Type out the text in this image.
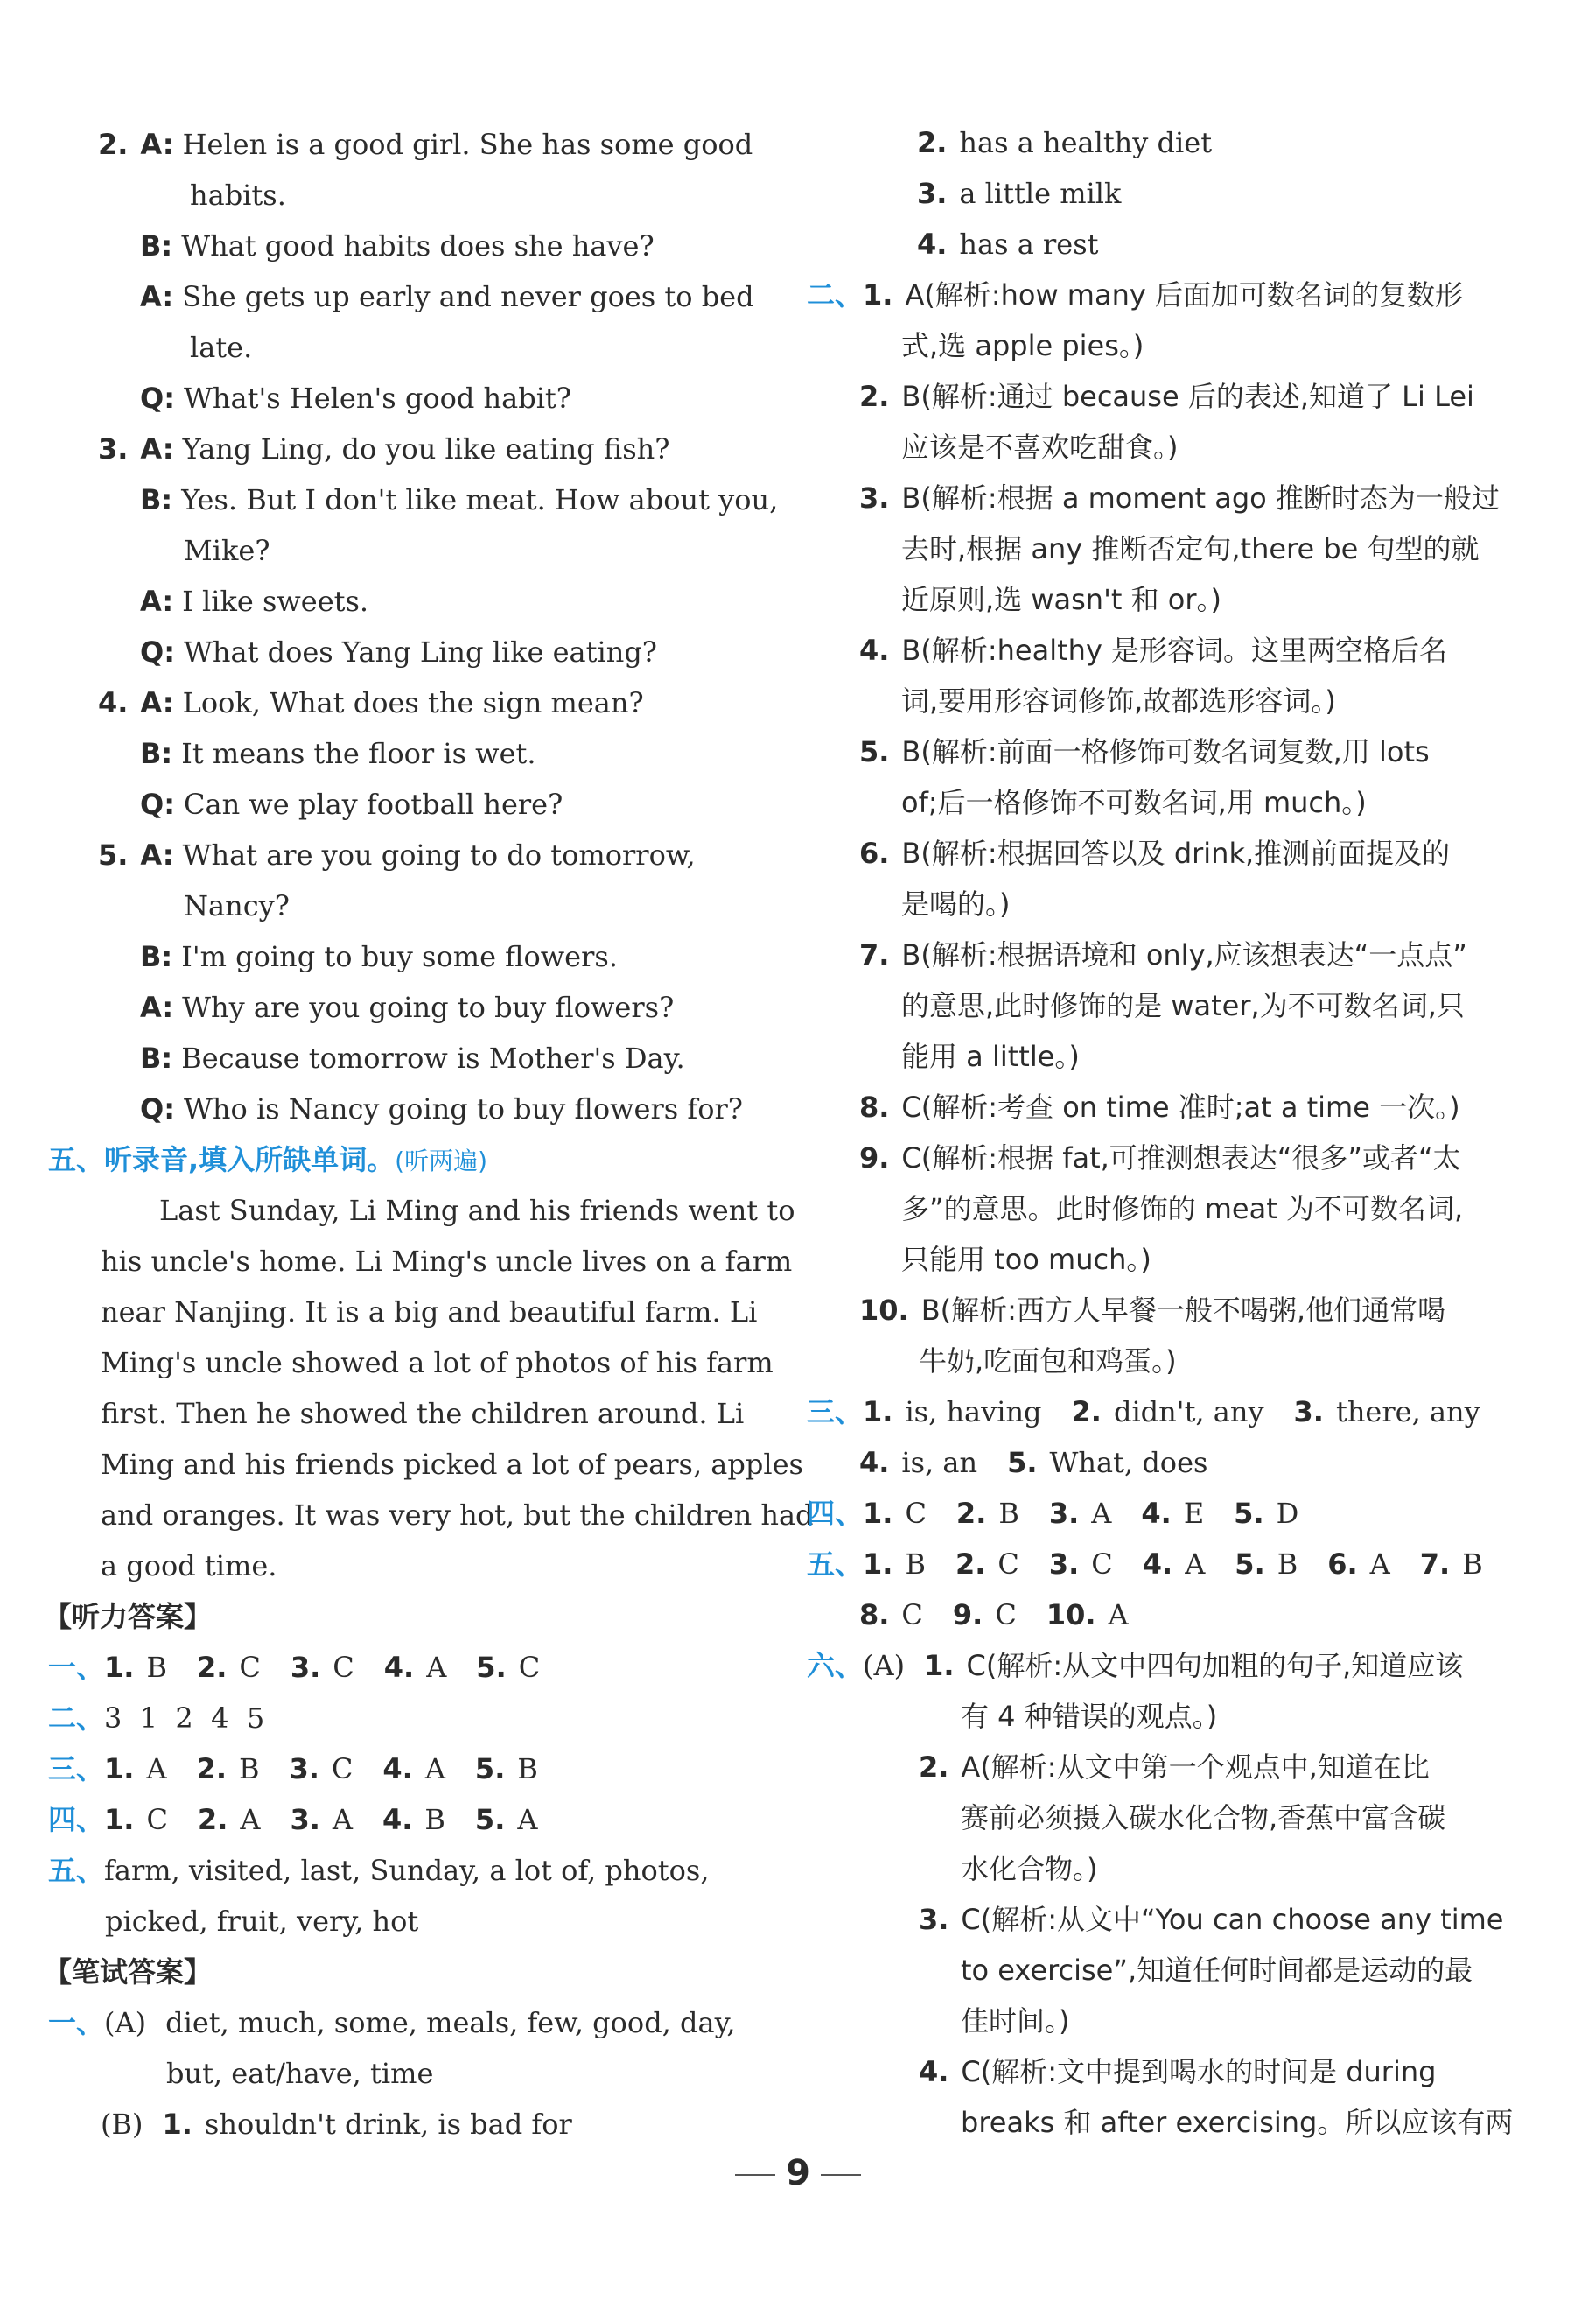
2. A: Helen is a good girl. She has some good
habits.
B: What good habits does she have?
A: She gets up early and never goes to bed
late.
Q: What's Helen's good habit?
3. A: Yang Ling, do you like eating fish?
B: Yes. But I don't like meat. How about you,
Mike?
A: I like sweets.
Q: What does Yang Ling like eating?
4. A: Look, What does the sign mean?
B: It means the floor is wet.
Q: Can we play football here?
5. A: What are you going to do tomorrow,
Nancy?
B: I'm going to buy some flowers.
A: Why are you going to buy flowers?
B: Because tomorrow is Mother's Day.
Q: Who is Nancy going to buy flowers for?
五、听录音,填入所缺单词。(听两遍)
Last Sunday, Li Ming and his friends went to
his uncle's home. Li Ming's uncle lives on a farm
near Nanjing. It is a big and beautiful farm. Li
Ming's uncle showed a lot of photos of his farm
first. Then he showed the children around. Li
Ming and his friends picked a lot of pears, apples
and oranges. It was very hot, but the children had
a good time.
【听力答案】
一、1. B 2. C 3. C 4. A 5. C
二、3  1  2  4  5
三、1. A 2. B 3. C 4. A 5. B
四、1. C 2. A 3. A 4. B 5. A
五、farm, visited, last, Sunday, a lot of, photos,
picked, fruit, very, hot
【笔试答案】
一、(A) diet, much, some, meals, few, good, day,
but, eat/have, time
(B) 1. shouldn't drink, is bad for
2. has a healthy diet
3. a little milk
4. has a rest
二、1. A(解析:how many 后面加可数名词的复数形
式,选 apple pies。)
2. B(解析:通过 because 后的表述,知道了 Li Lei
应该是不喜欢吃甜食。)
3. B(解析:根据 a moment ago 推断时态为一般过
去时,根据 any 推断否定句,there be 句型的就
近原则,选 wasn't 和 or。)
4. B(解析:healthy 是形容词。这里两空格后名
词,要用形容词修饰,故都选形容词。)
5. B(解析:前面一格修饰可数名词复数,用 lots
of;后一格修饰不可数名词,用 much。)
6. B(解析:根据回答以及 drink,推测前面提及的
是喝的。)
7. B(解析:根据语境和 only,应该想表达“一点点”
的意思,此时修饰的是 water,为不可数名词,只
能用 a little。)
8. C(解析:考查 on time 准时;at a time 一次。)
9. C(解析:根据 fat,可推测想表达“很多”或者“太
多”的意思。此时修饰的 meat 为不可数名词,
只能用 too much。)
10. B(解析:西方人早餐一般不喝粥,他们通常喝
牛奶,吃面包和鸡蛋。)
三、1. is, having 2. didn't, any 3. there, any
4. is, an 5. What, does
四、1. C 2. B 3. A 4. E 5. D
五、1. B 2. C 3. C 4. A 5. B 6. A 7. B
8. C 9. C 10. A
六、(A) 1. C(解析:从文中四句加粗的句子,知道应该
有 4 种错误的观点。)
2. A(解析:从文中第一个观点中,知道在比
赛前必须摄入碳水化合物,香蕉中富含碳
水化合物。)
3. C(解析:从文中“You can choose any time
to exercise”,知道任何时间都是运动的最
佳时间。)
4. C(解析:文中提到喝水的时间是 during
breaks 和 after exercising。所以应该有两
9
